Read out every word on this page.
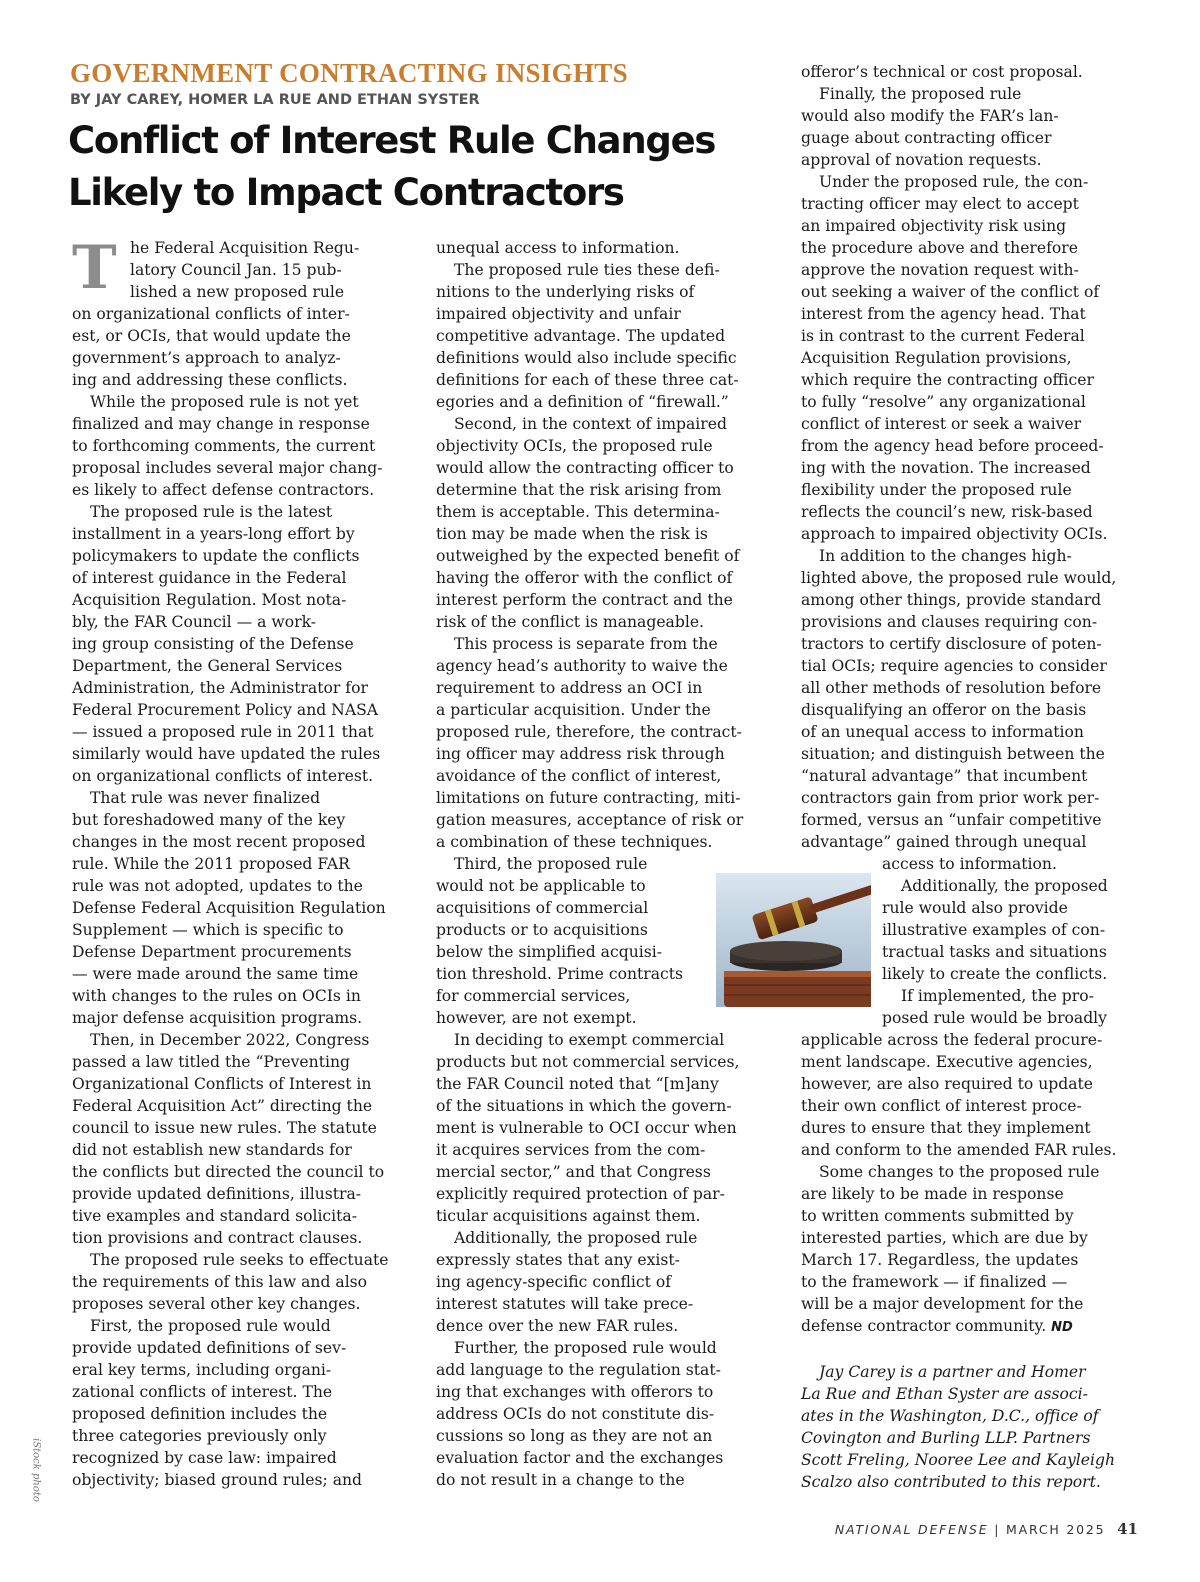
GOVERNMENT CONTRACTING INSIGHTS
BY JAY CAREY, HOMER LA RUE AND ETHAN SYSTER
Conflict of Interest Rule Changes Likely to Impact Contractors
T he Federal Acquisition Regu-
latory Council Jan. 15 pub-
lished a new proposed rule
on organizational conflicts of inter-
est, or OCIs, that would update the
government’s approach to analyz-
ing and addressing these conflicts.
While the proposed rule is not yet
finalized and may change in response
to forthcoming comments, the current
proposal includes several major chang-
es likely to affect defense contractors.
The proposed rule is the latest
installment in a years-long effort by
policymakers to update the conflicts
of interest guidance in the Federal
Acquisition Regulation. Most nota-
bly, the FAR Council — a work-
ing group consisting of the Defense
Department, the General Services
Administration, the Administrator for
Federal Procurement Policy and NASA
— issued a proposed rule in 2011 that
similarly would have updated the rules
on organizational conflicts of interest.
That rule was never finalized
but foreshadowed many of the key
changes in the most recent proposed
rule. While the 2011 proposed FAR
rule was not adopted, updates to the
Defense Federal Acquisition Regulation
Supplement — which is specific to
Defense Department procurements
— were made around the same time
with changes to the rules on OCIs in
major defense acquisition programs.
Then, in December 2022, Congress
passed a law titled the “Preventing
Organizational Conflicts of Interest in
Federal Acquisition Act” directing the
council to issue new rules. The statute
did not establish new standards for
the conflicts but directed the council to
provide updated definitions, illustra-
tive examples and standard solicita-
tion provisions and contract clauses.
The proposed rule seeks to effectuate
the requirements of this law and also
proposes several other key changes.
First, the proposed rule would
provide updated definitions of sev-
eral key terms, including organi-
zational conflicts of interest. The
proposed definition includes the
three categories previously only
recognized by case law: impaired
objectivity; biased ground rules; and
unequal access to information.
The proposed rule ties these defi-
nitions to the underlying risks of
impaired objectivity and unfair
competitive advantage. The updated
definitions would also include specific
definitions for each of these three cat-
egories and a definition of “firewall.”
Second, in the context of impaired
objectivity OCIs, the proposed rule
would allow the contracting officer to
determine that the risk arising from
them is acceptable. This determina-
tion may be made when the risk is
outweighed by the expected benefit of
having the offeror with the conflict of
interest perform the contract and the
risk of the conflict is manageable.
This process is separate from the
agency head’s authority to waive the
requirement to address an OCI in
a particular acquisition. Under the
proposed rule, therefore, the contract-
ing officer may address risk through
avoidance of the conflict of interest,
limitations on future contracting, miti-
gation measures, acceptance of risk or
a combination of these techniques.
Third, the proposed rule
would not be applicable to
acquisitions of commercial
products or to acquisitions
below the simplified acquisi-
tion threshold. Prime contracts
for commercial services,
however, are not exempt.
In deciding to exempt commercial
products but not commercial services,
the FAR Council noted that “[m]any
of the situations in which the govern-
ment is vulnerable to OCI occur when
it acquires services from the com-
mercial sector,” and that Congress
explicitly required protection of par-
ticular acquisitions against them.
Additionally, the proposed rule
expressly states that any exist-
ing agency-specific conflict of
interest statutes will take prece-
dence over the new FAR rules.
Further, the proposed rule would
add language to the regulation stat-
ing that exchanges with offerors to
address OCIs do not constitute dis-
cussions so long as they are not an
evaluation factor and the exchanges
do not result in a change to the
offeror’s technical or cost proposal.
Finally, the proposed rule
would also modify the FAR’s lan-
guage about contracting officer
approval of novation requests.
Under the proposed rule, the con-
tracting officer may elect to accept
an impaired objectivity risk using
the procedure above and therefore
approve the novation request with-
out seeking a waiver of the conflict of
interest from the agency head. That
is in contrast to the current Federal
Acquisition Regulation provisions,
which require the contracting officer
to fully “resolve” any organizational
conflict of interest or seek a waiver
from the agency head before proceed-
ing with the novation. The increased
flexibility under the proposed rule
reflects the council’s new, risk-based
approach to impaired objectivity OCIs.
In addition to the changes high-
lighted above, the proposed rule would,
among other things, provide standard
provisions and clauses requiring con-
tractors to certify disclosure of poten-
tial OCIs; require agencies to consider
all other methods of resolution before
disqualifying an offeror on the basis
of an unequal access to information
situation; and distinguish between the
“natural advantage” that incumbent
contractors gain from prior work per-
formed, versus an “unfair competitive
advantage” gained through unequal
access to information.
Additionally, the proposed
rule would also provide
illustrative examples of con-
tractual tasks and situations
likely to create the conflicts.
If implemented, the pro-
posed rule would be broadly
applicable across the federal procure-
ment landscape. Executive agencies,
however, are also required to update
their own conflict of interest proce-
dures to ensure that they implement
and conform to the amended FAR rules.
Some changes to the proposed rule
are likely to be made in response
to written comments submitted by
interested parties, which are due by
March 17. Regardless, the updates
to the framework — if finalized —
will be a major development for the
defense contractor community. ND
Jay Carey is a partner and Homer
La Rue and Ethan Syster are associ-
ates in the Washington, D.C., office of
Covington and Burling LLP. Partners
Scott Freling, Nooree Lee and Kayleigh
Scalzo also contributed to this report.
iStock photo
NATIONAL DEFENSE | MARCH 2025 41
